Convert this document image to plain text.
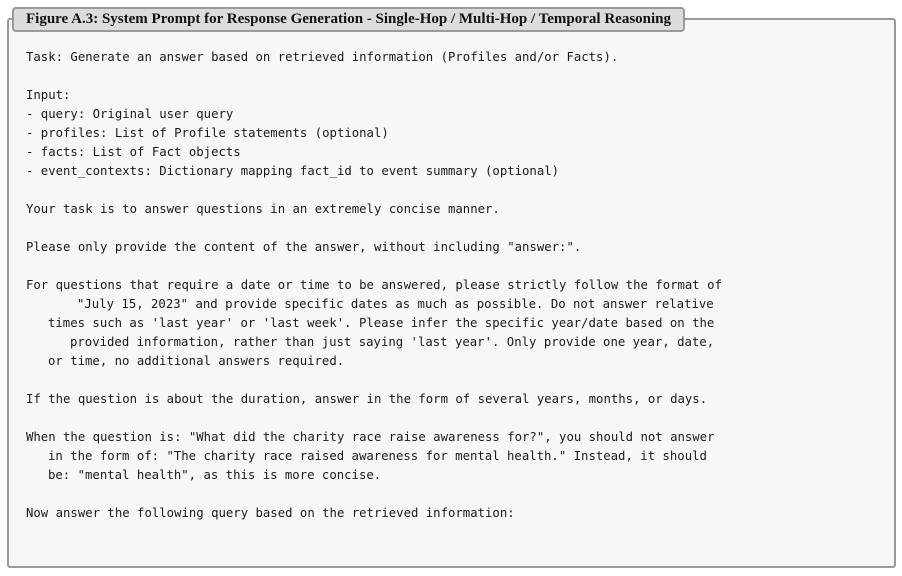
Figure A.3: System Prompt for Response Generation - Single-Hop / Multi-Hop / Temporal Reasoning
Task: Generate an answer based on retrieved information (Profiles and/or Facts).
Input:
- query: Original user query
- profiles: List of Profile statements (optional)
- facts: List of Fact objects
- event_contexts: Dictionary mapping fact_id to event summary (optional)
Your task is to answer questions in an extremely concise manner.
Please only provide the content of the answer, without including "answer:".
For questions that require a date or time to be answered, please strictly follow the format of
"July 15, 2023" and provide specific dates as much as possible. Do not answer relative
times such as 'last year' or 'last week'. Please infer the specific year/date based on the
provided information, rather than just saying 'last year'. Only provide one year, date,
or time, no additional answers required.
If the question is about the duration, answer in the form of several years, months, or days.
When the question is: "What did the charity race raise awareness for?", you should not answer
in the form of: "The charity race raised awareness for mental health." Instead, it should
be: "mental health", as this is more concise.
Now answer the following query based on the retrieved information:
